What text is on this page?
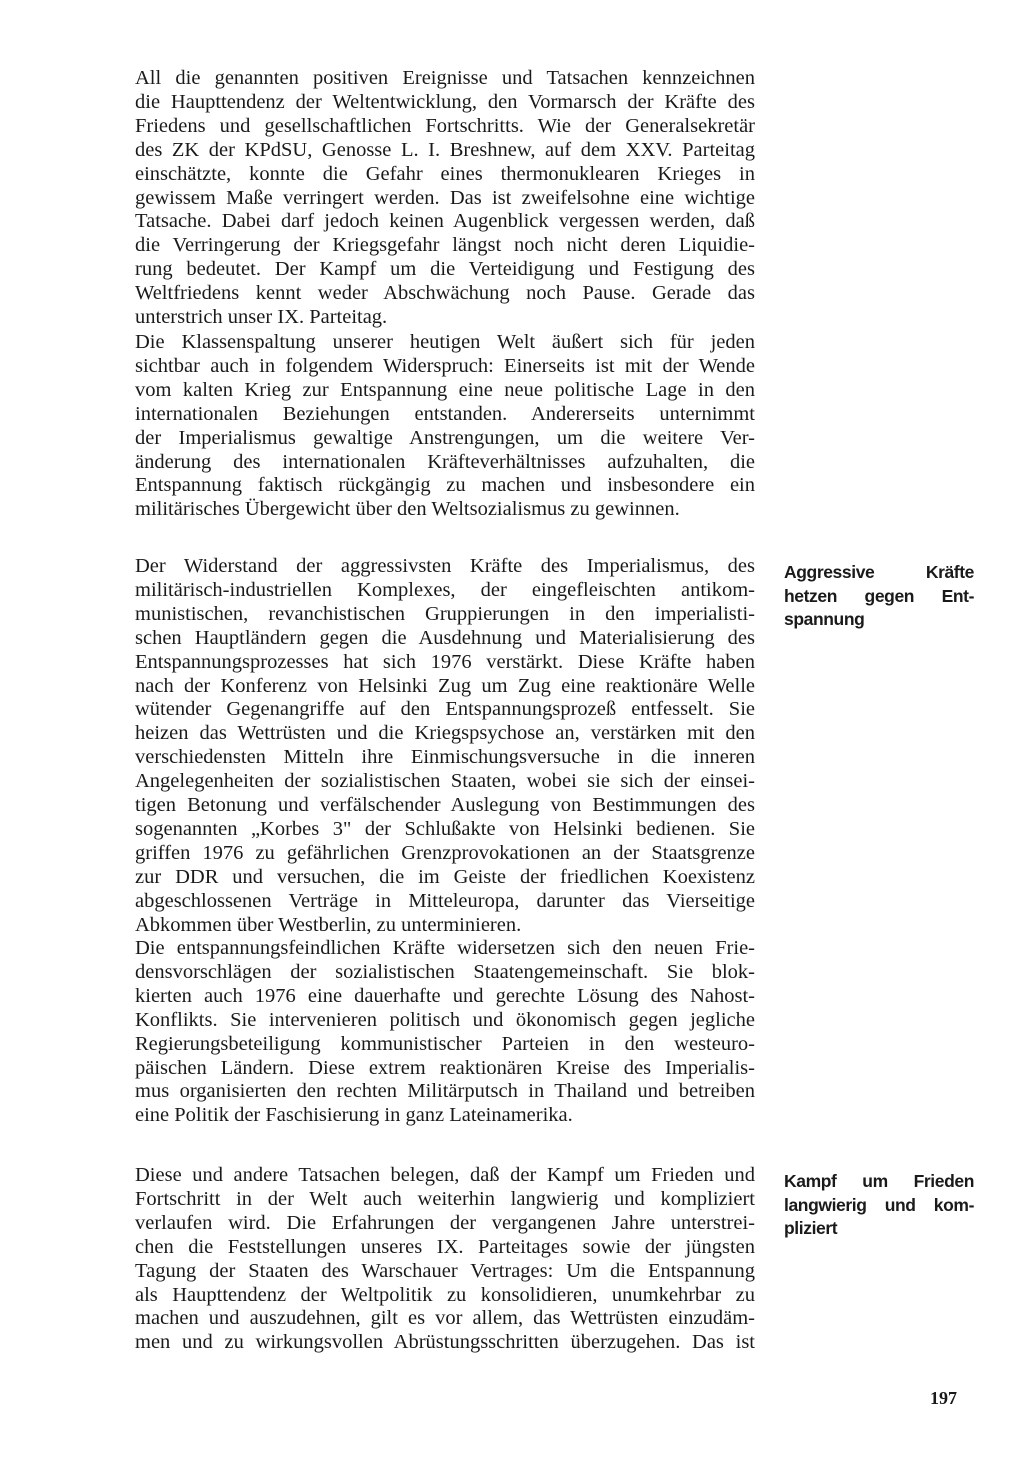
All die genannten positiven Ereignisse und Tatsachen kennzeichnen
die Haupttendenz der Weltentwicklung, den Vormarsch der Kräfte des
Friedens und gesellschaftlichen Fortschritts. Wie der Generalsekretär
des ZK der KPdSU, Genosse L. I. Breshnew, auf dem XXV. Parteitag
einschätzte, konnte die Gefahr eines thermonuklearen Krieges in
gewissem Maße verringert werden. Das ist zweifelsohne eine wichtige
Tatsache. Dabei darf jedoch keinen Augenblick vergessen werden, daß
die Verringerung der Kriegsgefahr längst noch nicht deren Liquidie-
rung bedeutet. Der Kampf um die Verteidigung und Festigung des
Weltfriedens kennt weder Abschwächung noch Pause. Gerade das
unterstrich unser IX. Parteitag.
Die Klassenspaltung unserer heutigen Welt äußert sich für jeden
sichtbar auch in folgendem Widerspruch: Einerseits ist mit der Wende
vom kalten Krieg zur Entspannung eine neue politische Lage in den
internationalen Beziehungen entstanden. Andererseits unternimmt
der Imperialismus gewaltige Anstrengungen, um die weitere Ver-
änderung des internationalen Kräfteverhältnisses aufzuhalten, die
Entspannung faktisch rückgängig zu machen und insbesondere ein
militärisches Übergewicht über den Weltsozialismus zu gewinnen.
Der Widerstand der aggressivsten Kräfte des Imperialismus, des
militärisch-industriellen Komplexes, der eingefleischten antikom-
munistischen, revanchistischen Gruppierungen in den imperialisti-
schen Hauptländern gegen die Ausdehnung und Materialisierung des
Entspannungsprozesses hat sich 1976 verstärkt. Diese Kräfte haben
nach der Konferenz von Helsinki Zug um Zug eine reaktionäre Welle
wütender Gegenangriffe auf den Entspannungsprozeß entfesselt. Sie
heizen das Wettrüsten und die Kriegspsychose an, verstärken mit den
verschiedensten Mitteln ihre Einmischungsversuche in die inneren
Angelegenheiten der sozialistischen Staaten, wobei sie sich der einsei-
tigen Betonung und verfälschender Auslegung von Bestimmungen des
sogenannten „Korbes 3" der Schlußakte von Helsinki bedienen. Sie
griffen 1976 zu gefährlichen Grenzprovokationen an der Staatsgrenze
zur DDR und versuchen, die im Geiste der friedlichen Koexistenz
abgeschlossenen Verträge in Mitteleuropa, darunter das Vierseitige
Abkommen über Westberlin, zu unterminieren.
Die entspannungsfeindlichen Kräfte widersetzen sich den neuen Frie-
densvorschlägen der sozialistischen Staatengemeinschaft. Sie blok-
kierten auch 1976 eine dauerhafte und gerechte Lösung des Nahost-
Konflikts. Sie intervenieren politisch und ökonomisch gegen jegliche
Regierungsbeteiligung kommunistischer Parteien in den westeuro-
päischen Ländern. Diese extrem reaktionären Kreise des Imperialis-
mus organisierten den rechten Militärputsch in Thailand und betreiben
eine Politik der Faschisierung in ganz Lateinamerika.
Diese und andere Tatsachen belegen, daß der Kampf um Frieden und
Fortschritt in der Welt auch weiterhin langwierig und kompliziert
verlaufen wird. Die Erfahrungen der vergangenen Jahre unterstrei-
chen die Feststellungen unseres IX. Parteitages sowie der jüngsten
Tagung der Staaten des Warschauer Vertrages: Um die Entspannung
als Haupttendenz der Weltpolitik zu konsolidieren, unumkehrbar zu
machen und auszudehnen, gilt es vor allem, das Wettrüsten einzudäm-
men und zu wirkungsvollen Abrüstungsschritten überzugehen. Das ist
Aggressive Kräfte
hetzen gegen Ent-
spannung
Kampf um Frieden
langwierig und kom-
pliziert
197
